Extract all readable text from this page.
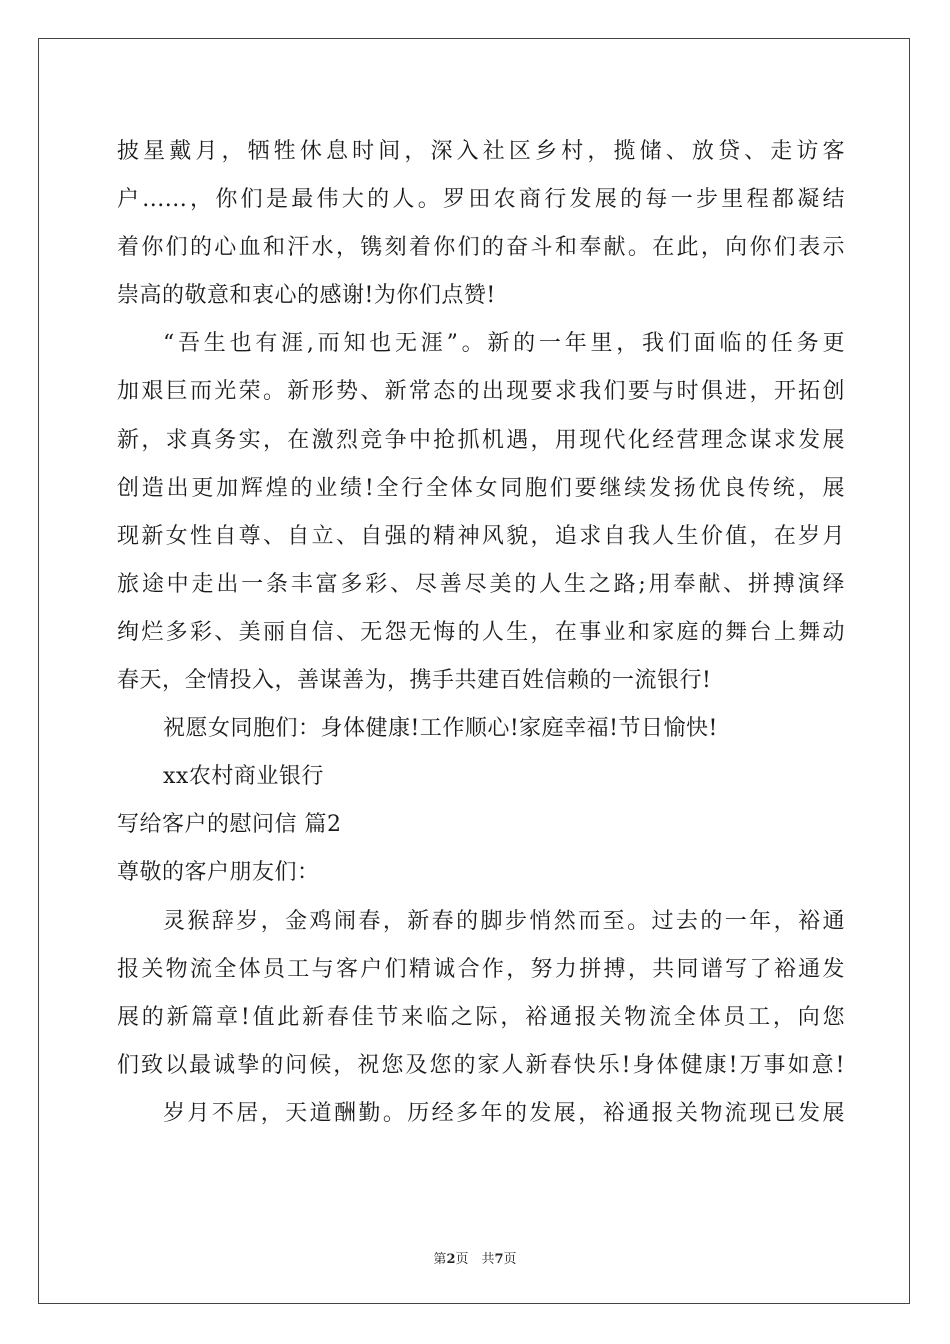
披星戴月，牺牲休息时间，深入社区乡村，揽储、放贷、走访客
户......，你们是最伟大的人。罗田农商行发展的每一步里程都凝结
着你们的心血和汗水，镌刻着你们的奋斗和奉献。在此，向你们表示
崇高的敬意和衷心的感谢!为你们点赞!
“吾生也有涯,而知也无涯”。新的一年里，我们面临的任务更
加艰巨而光荣。新形势、新常态的出现要求我们要与时俱进，开拓创
新，求真务实，在激烈竞争中抢抓机遇，用现代化经营理念谋求发展
创造出更加辉煌的业绩!全行全体女同胞们要继续发扬优良传统，展
现新女性自尊、自立、自强的精神风貌，追求自我人生价值，在岁月
旅途中走出一条丰富多彩、尽善尽美的人生之路;用奉献、拼搏演绎
绚烂多彩、美丽自信、无怨无悔的人生，在事业和家庭的舞台上舞动
春天，全情投入，善谋善为，携手共建百姓信赖的一流银行!
祝愿女同胞们：身体健康!工作顺心!家庭幸福!节日愉快!
xx农村商业银行
写给客户的慰问信 篇2
尊敬的客户朋友们：
灵猴辞岁，金鸡闹春，新春的脚步悄然而至。过去的一年，裕通
报关物流全体员工与客户们精诚合作，努力拼搏，共同谱写了裕通发
展的新篇章!值此新春佳节来临之际，裕通报关物流全体员工，向您
们致以最诚挚的问候，祝您及您的家人新春快乐!身体健康!万事如意!
岁月不居，天道酬勤。历经多年的发展，裕通报关物流现已发展
第2页　共7页
